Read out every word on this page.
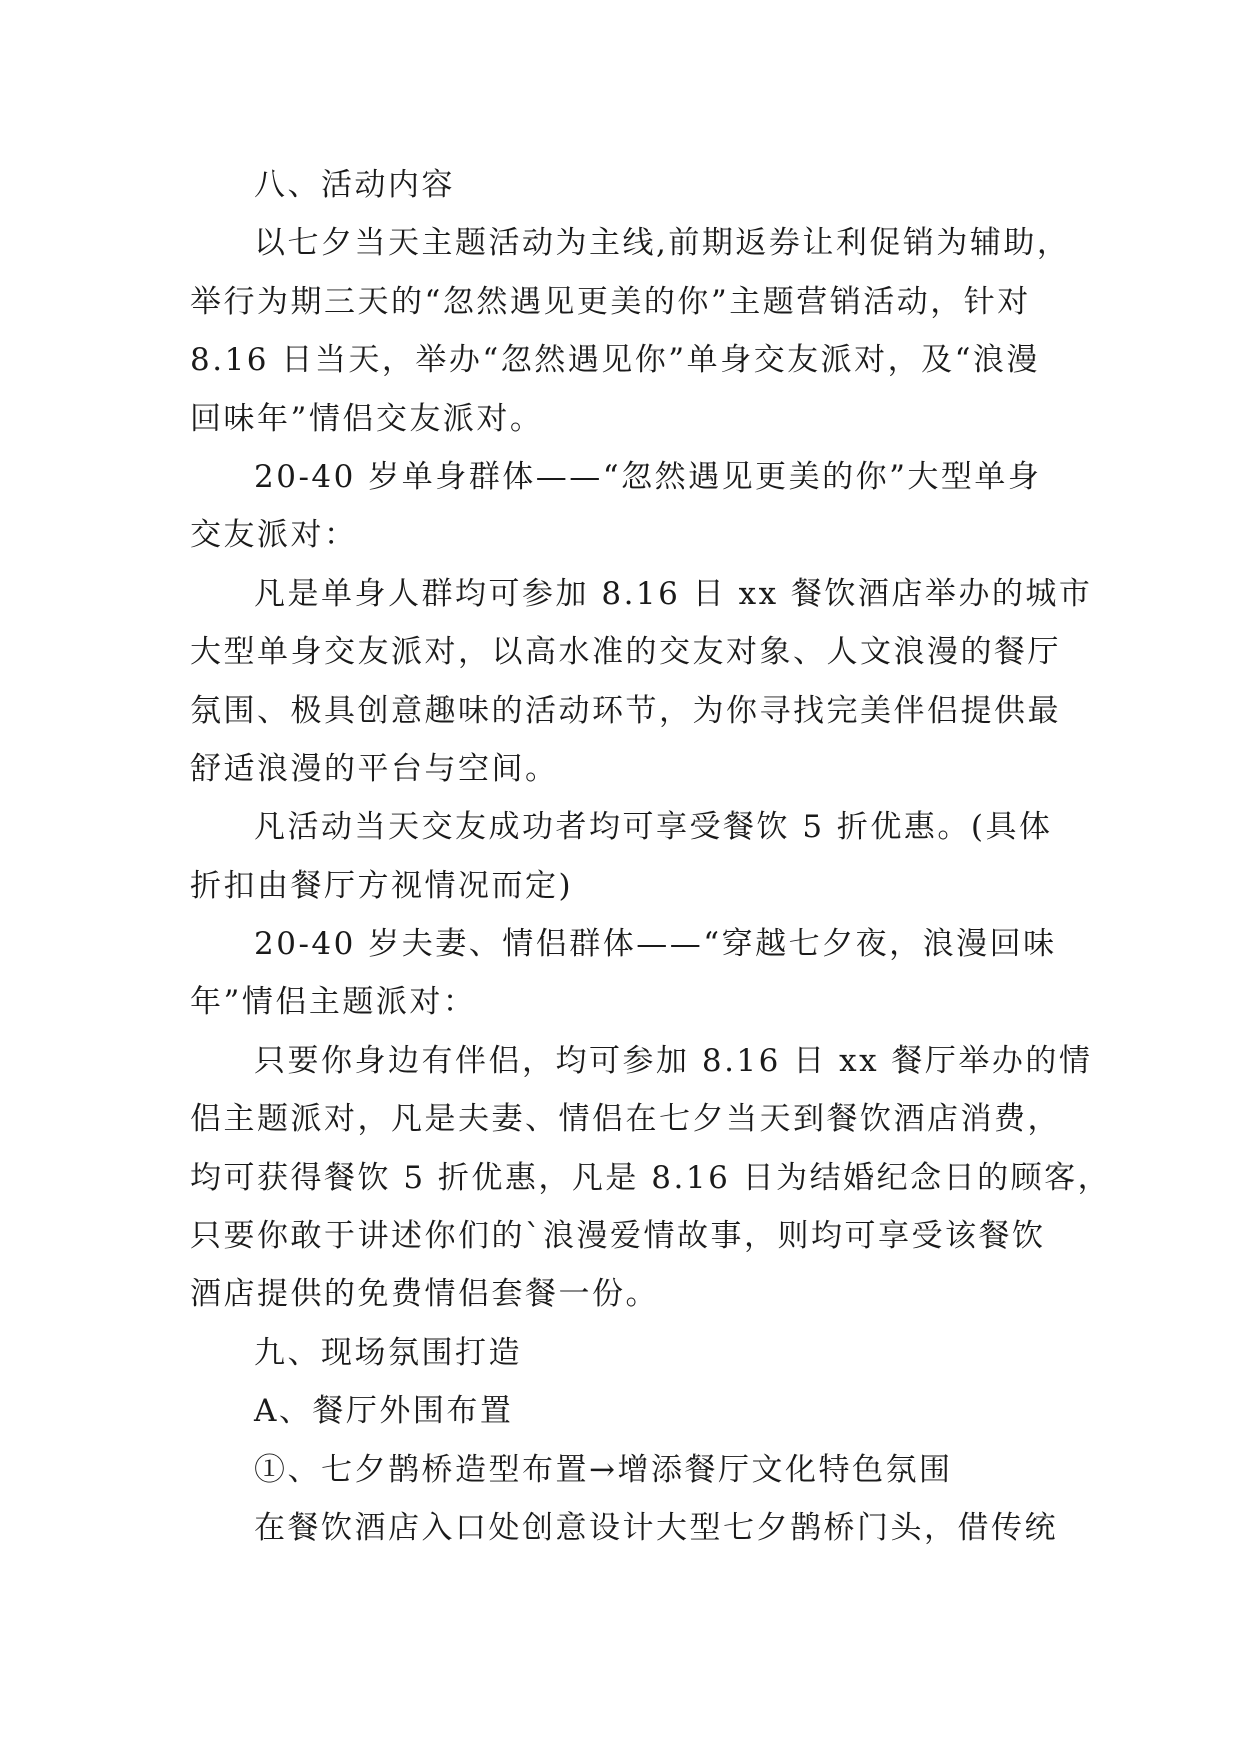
八、活动内容
以七夕当天主题活动为主线,前期返券让利促销为辅助，
举行为期三天的“忽然遇见更美的你”主题营销活动，针对
8.16 日当天，举办“忽然遇见你”单身交友派对，及“浪漫
回味年”情侣交友派对。
20-40 岁单身群体——“忽然遇见更美的你”大型单身
交友派对：
凡是单身人群均可参加 8.16 日 xx 餐饮酒店举办的城市
大型单身交友派对，以高水准的交友对象、人文浪漫的餐厅
氛围、极具创意趣味的活动环节，为你寻找完美伴侣提供最
舒适浪漫的平台与空间。
凡活动当天交友成功者均可享受餐饮 5 折优惠。(具体
折扣由餐厅方视情况而定)
20-40 岁夫妻、情侣群体——“穿越七夕夜，浪漫回味
年”情侣主题派对：
只要你身边有伴侣，均可参加 8.16 日 xx 餐厅举办的情
侣主题派对，凡是夫妻、情侣在七夕当天到餐饮酒店消费，
均可获得餐饮 5 折优惠，凡是 8.16 日为结婚纪念日的顾客，
只要你敢于讲述你们的`浪漫爱情故事，则均可享受该餐饮
酒店提供的免费情侣套餐一份。
九、现场氛围打造
A、餐厅外围布置
①、七夕鹊桥造型布置→增添餐厅文化特色氛围
在餐饮酒店入口处创意设计大型七夕鹊桥门头，借传统
